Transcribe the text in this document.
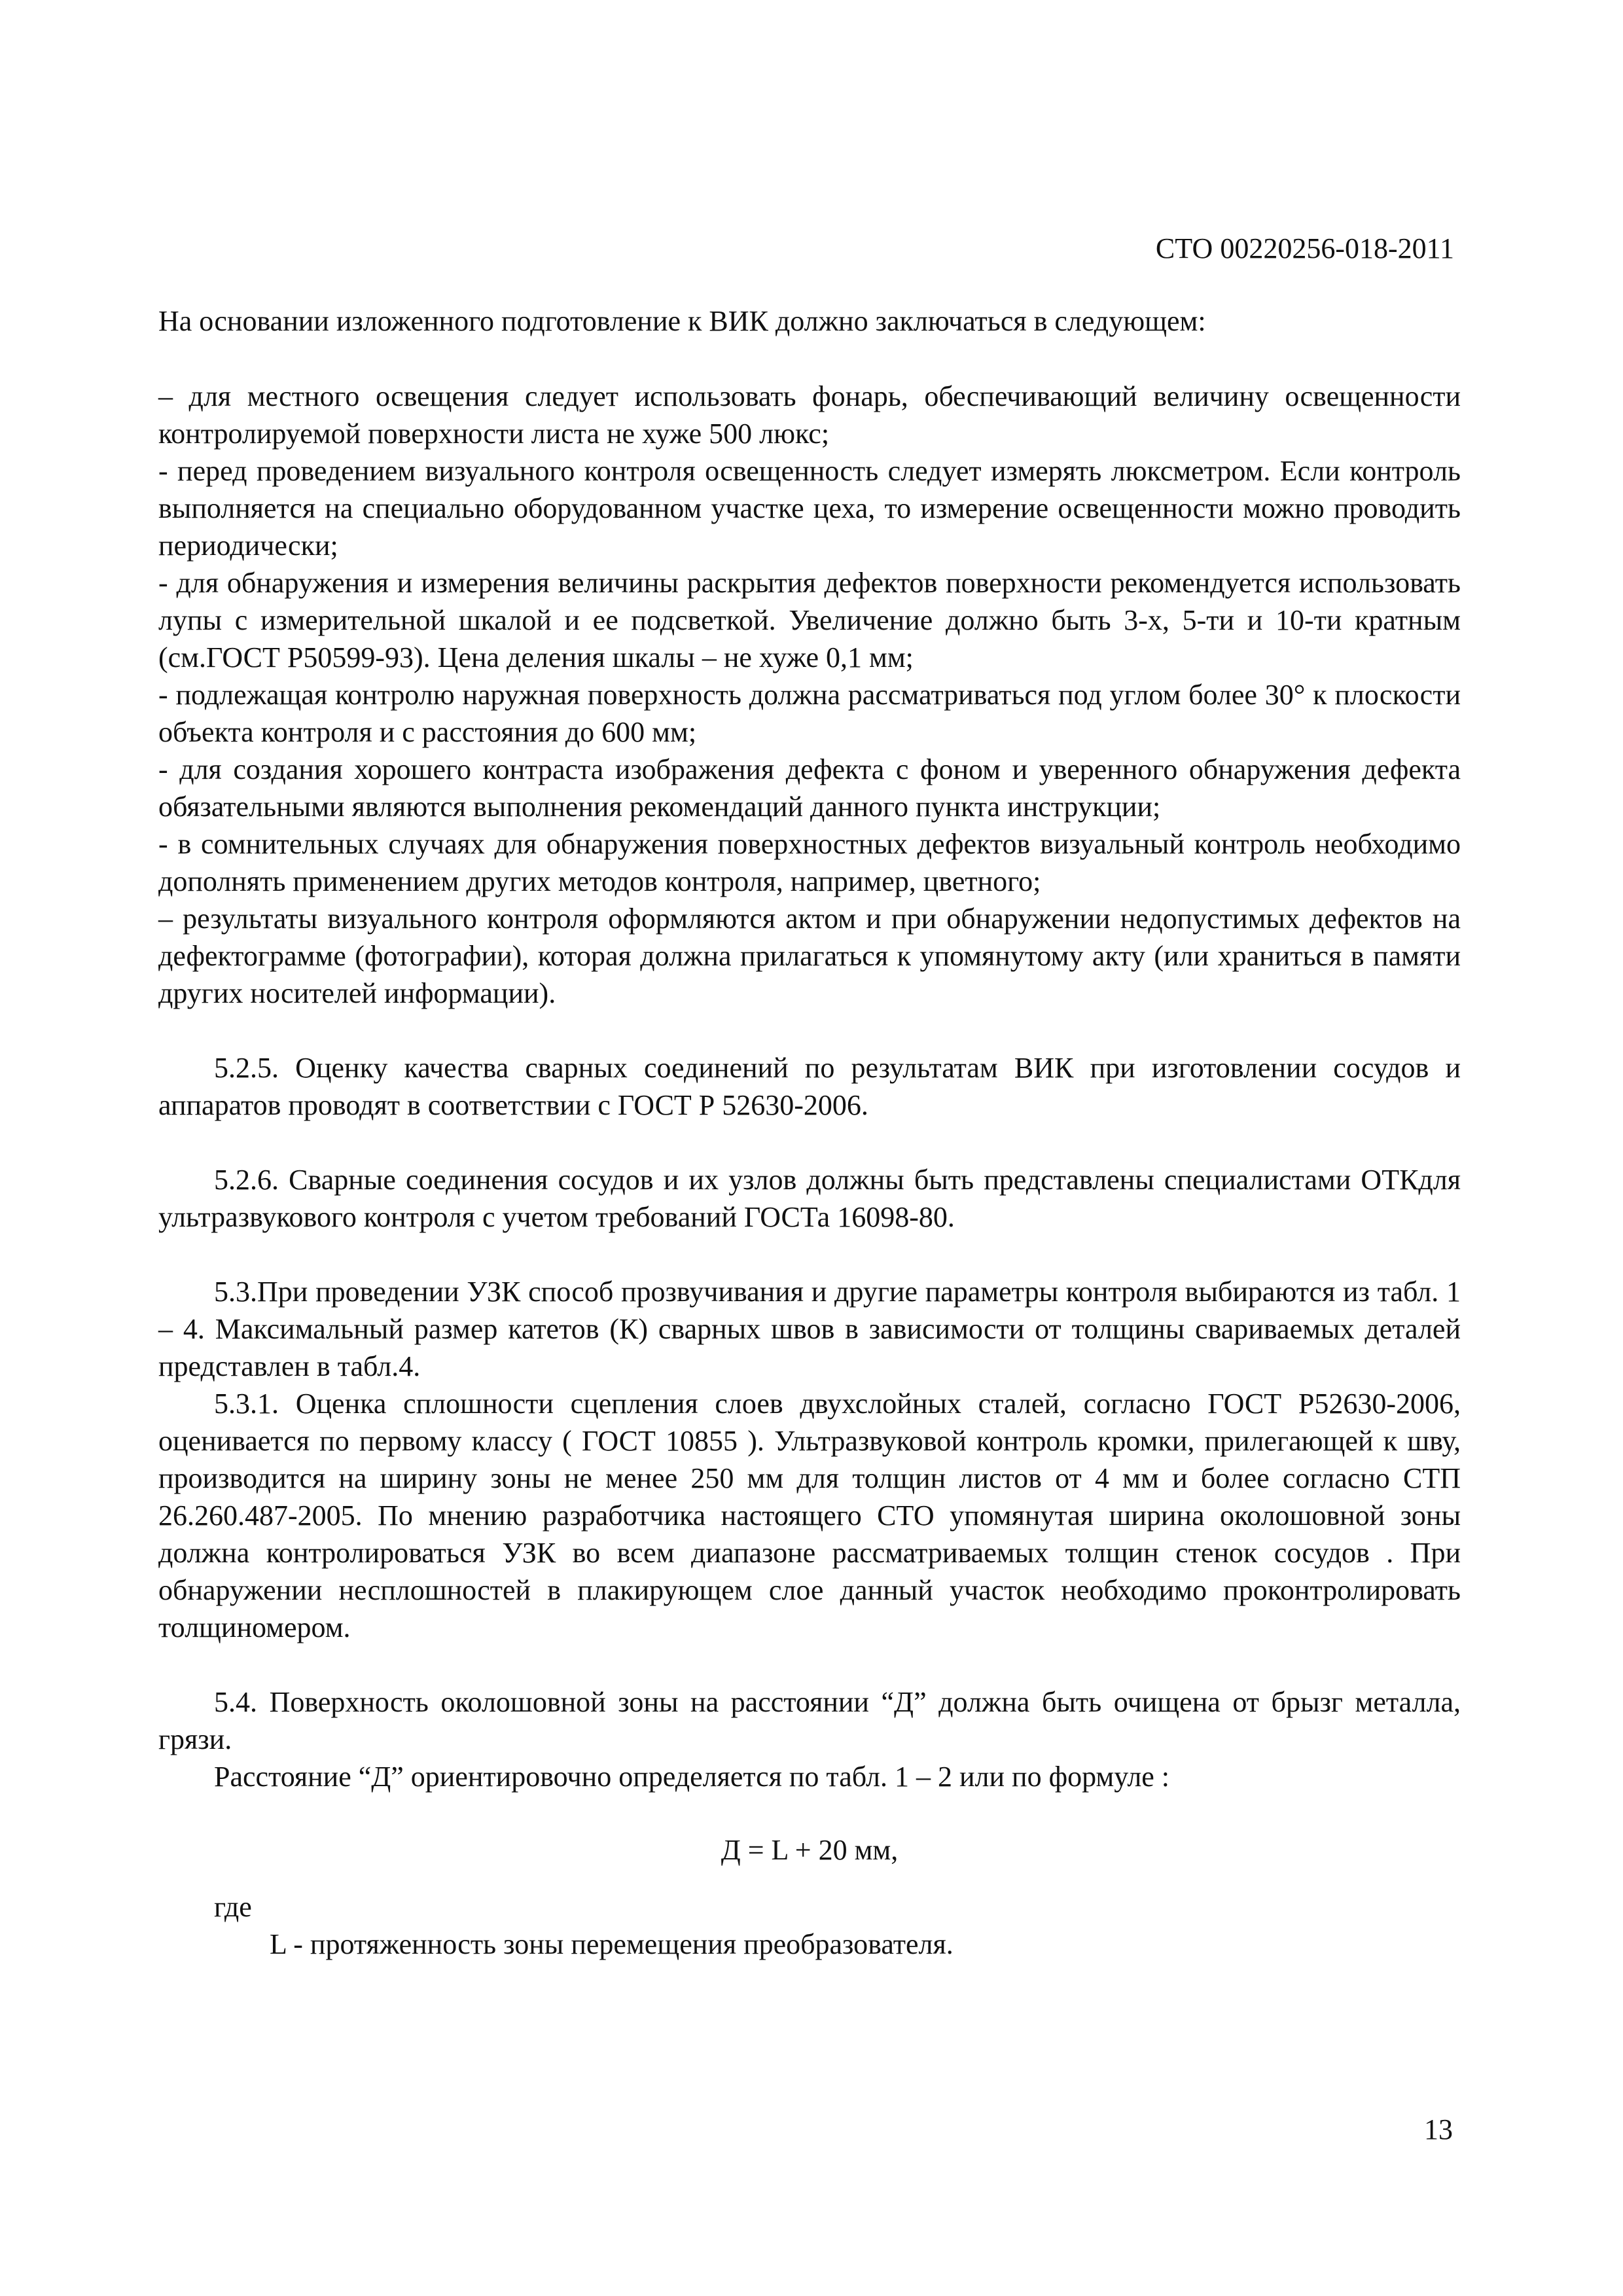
СТО 00220256-018-2011

На основании изложенного подготовление к ВИК должно заключаться в следующем:

– для местного освещения следует использовать фонарь, обеспечивающий величину освещенности контролируемой поверхности листа не хуже 500 люкс;

- перед проведением визуального контроля освещенность следует измерять люксметром. Если контроль выполняется на специально оборудованном участке цеха, то измерение освещенности можно проводить периодически;

- для обнаружения и измерения величины раскрытия дефектов поверхности рекомендуется использовать лупы с измерительной шкалой и ее подсветкой. Увеличение должно быть 3-х, 5-ти и 10-ти кратным (см.ГОСТ Р50599-93). Цена деления шкалы – не хуже 0,1 мм;

- подлежащая контролю наружная поверхность должна рассматриваться под углом более 30° к плоскости объекта контроля и с расстояния до 600 мм;

- для создания хорошего контраста изображения дефекта с фоном и уверенного обнаружения дефекта обязательными являются выполнения рекомендаций данного пункта инструкции;

- в сомнительных случаях для обнаружения поверхностных дефектов визуальный контроль необходимо дополнять применением других методов контроля, например, цветного;

– результаты визуального контроля оформляются актом и при обнаружении недопустимых дефектов на дефектограмме (фотографии), которая должна прилагаться к упомянутому акту (или храниться в памяти других носителей информации).

5.2.5. Оценку качества сварных соединений по результатам ВИК при изготовлении сосудов и аппаратов проводят в соответствии с ГОСТ Р 52630-2006.

5.2.6. Сварные соединения сосудов и их узлов должны быть представлены специалистами ОТКдля ультразвукового контроля с учетом требований ГОСТа 16098-80.

5.3.При проведении УЗК способ прозвучивания и другие параметры контроля выбираются из табл. 1 – 4. Максимальный размер катетов (К) сварных швов в зависимости от толщины свариваемых деталей представлен в табл.4.

5.3.1. Оценка сплошности сцепления слоев двухслойных сталей, согласно ГОСТ Р52630-2006, оценивается по первому классу ( ГОСТ 10855 ). Ультразвуковой контроль кромки, прилегающей к шву, производится на ширину зоны не менее 250 мм для толщин листов от 4 мм и более согласно СТП 26.260.487-2005. По мнению разработчика настоящего СТО упомянутая ширина околошовной зоны должна контролироваться УЗК во всем диапазоне рассматриваемых толщин стенок сосудов . При обнаружении несплошностей в плакирующем слое данный участок необходимо проконтролировать толщиномером.

5.4. Поверхность околошовной зоны на расстоянии “Д” должна быть очищена от брызг металла, грязи.

Расстояние “Д” ориентировочно определяется по табл. 1 – 2 или по формуле :

Д = L + 20 мм,

где

L - протяженность зоны перемещения преобразователя.

13
